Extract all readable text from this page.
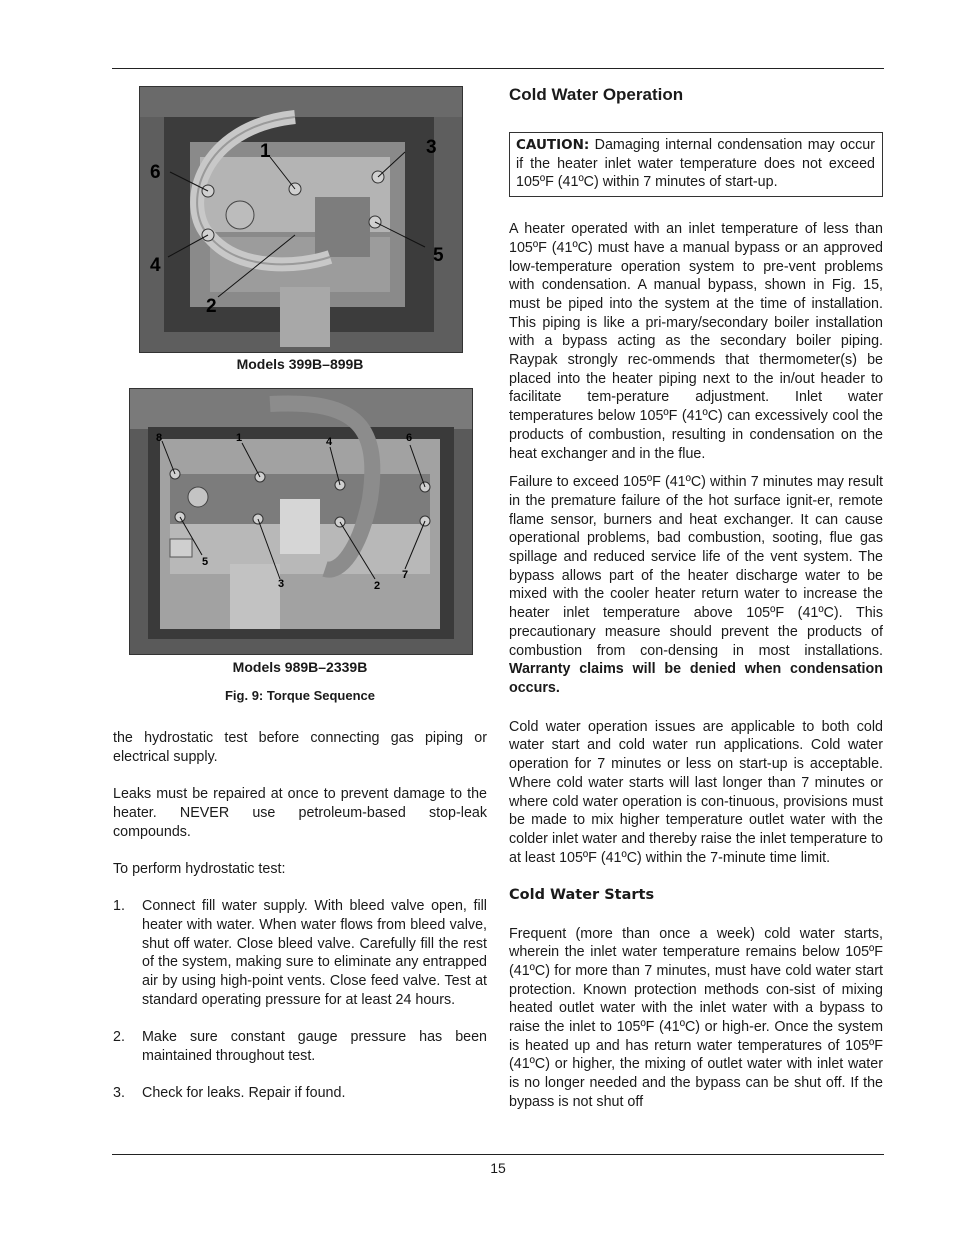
1
2
3
4	5
6
Models 399B–899B
1
2
3
4
5
6
7
8
Models 989B–2339B
Fig. 9: Torque Sequence

the hydrostatic test before connecting gas piping or electrical supply.

Leaks must be repaired at once to prevent damage to the heater. NEVER use petroleum-based stop-leak compounds.

To perform hydrostatic test:

1.	Connect fill water supply. With bleed valve open, fill heater with water. When water flows from bleed valve, shut off water. Close bleed valve. Carefully fill the rest of the system, making sure to eliminate any entrapped air by using high-point vents. Close feed valve. Test at standard operating pressure for at least 24 hours.
2.	Make sure constant gauge pressure has been maintained throughout test.
3.	Check for leaks. Repair if found.
Cold Water Operation
CAUTION: Damaging internal condensation may occur if the heater inlet water temperature does not exceed 105ºF (41ºC) within 7 minutes of start-up.

A heater operated with an inlet temperature of less than 105ºF (41ºC) must have a manual bypass or an approved low-temperature operation system to pre-vent problems with condensation. A manual bypass, shown in Fig. 15, must be piped into the system at the time of installation. This piping is like a pri-mary/secondary boiler installation with a bypass acting as the secondary boiler piping. Raypak strongly rec-ommends that thermometer(s) be placed into the heater piping next to the in/out header to facilitate tem-perature adjustment. Inlet water temperatures below 105ºF (41ºC) can excessively cool the products of combustion, resulting in condensation on the heat exchanger and in the flue.

Failure to exceed 105ºF (41ºC) within 7 minutes may result in the premature failure of the hot surface ignit-er, remote flame sensor, burners and heat exchanger. It can cause operational problems, bad combustion, sooting, flue gas spillage and reduced service life of the vent system. The bypass allows part of the heater discharge water to be mixed with the cooler heater return water to increase the heater inlet temperature above 105ºF (41ºC). This precautionary measure should prevent the products of combustion from con-densing in most installations. Warranty claims will be denied when condensation occurs.

Cold water operation issues are applicable to both cold water start and cold water run applications. Cold water operation for 7 minutes or less on start-up is acceptable. Where cold water starts will last longer than 7 minutes or where cold water operation is con-tinuous, provisions must be made to mix higher temperature outlet water with the colder inlet water and thereby raise the inlet temperature to at least 105ºF (41ºC) within the 7-minute time limit.

Cold Water Starts

Frequent (more than once a week) cold water starts, wherein the inlet water temperature remains below 105ºF (41ºC) for more than 7 minutes, must have cold water start protection. Known protection methods con-sist of mixing heated outlet water with the inlet water with a bypass to raise the inlet to 105ºF (41ºC) or high-er. Once the system is heated up and has return water temperatures of 105ºF (41ºC) or higher, the mixing of outlet water with inlet water is no longer needed and the bypass can be shut off. If the bypass is not shut off

15
